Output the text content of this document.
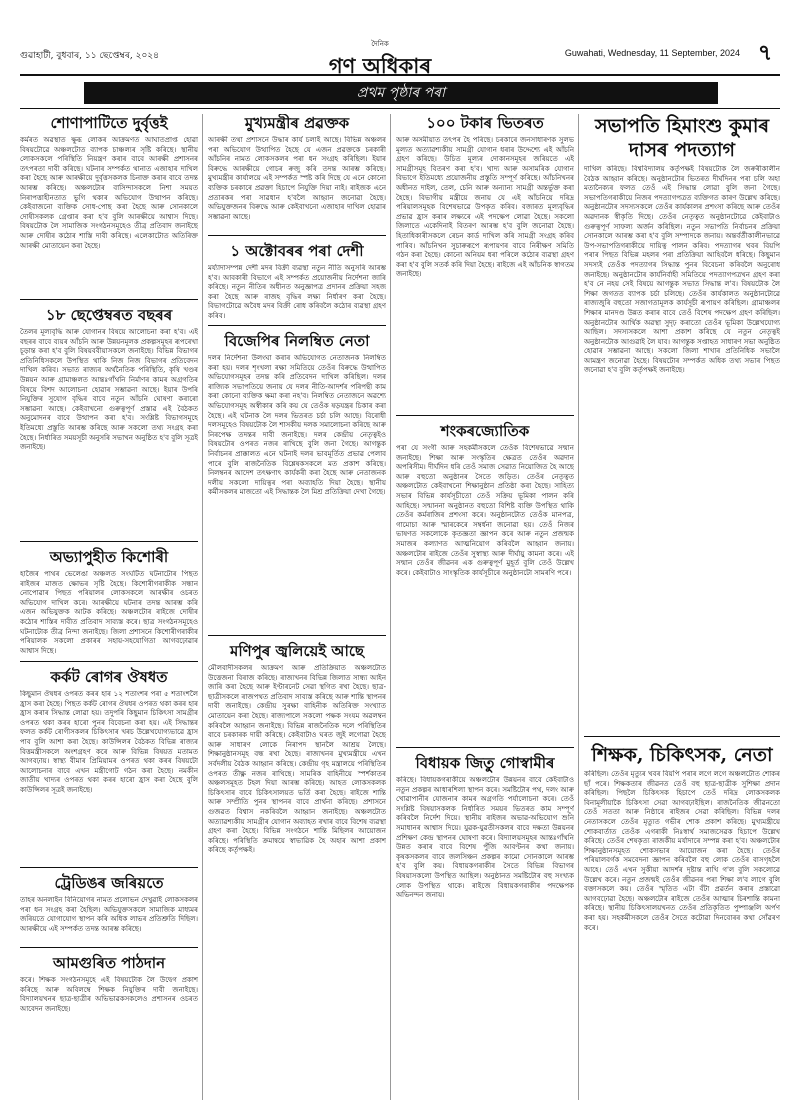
গুৱাহাটী, বুধবাৰ, ১১ ছেপ্তেম্বৰ, ২০২৪
দৈনিক
গণ অধিকাৰ	Guwahati, Wednesday, 11 September, 2024 ৭
প্ৰথম পৃষ্ঠাৰ পৰা
শোণাপাটিতে দুৰ্বৃত্তই
কৰ্মৰত অৱস্থাত ক্ষুব্ধ লোকৰ আক্ৰমণত আঘাতপ্ৰাপ্ত হোৱা বিষয়টোৱে অঞ্চলটোত ব্যাপক চাঞ্চল্যৰ সৃষ্টি কৰিছে। স্থানীয় লোকসকলে পৰিস্থিতি নিয়ন্ত্ৰণ কৰাৰ বাবে আৰক্ষী প্ৰশাসনৰ তৎপৰতা দাবী কৰিছে। ঘটনাৰ সম্পৰ্কত থানাত এজাহাৰ দাখিল কৰা হৈছে আৰু আৰক্ষীয়ে দুৰ্বৃত্তসকলক চিনাক্ত কৰাৰ বাবে তদন্ত আৰম্ভ কৰিছে। অঞ্চলটোৰ বাসিন্দাসকলে নিশা সময়ত নিৰাপত্তাহীনতাত ভুগি থকাৰ অভিযোগ উত্থাপন কৰিছে। কেইবাজনো ব্যক্তিক সোধ-পোছ কৰা হৈছে আৰু সোনকালে দোষীসকলক গ্ৰেপ্তাৰ কৰা হ'ব বুলি আৰক্ষীয়ে আশ্বাস দিছে। বিষয়টোক লৈ সামাজিক সংগঠনসমূহেও তীব্ৰ প্ৰতিবাদ জনাইছে আৰু দোষীৰ কঠোৰ শাস্তি দাবী কৰিছে। এলেকাটোত অতিৰিক্ত আৰক্ষী মোতায়েন কৰা হৈছে।
১৮ ছেপ্তেম্বৰত বছৰৰ
তৈলৰ মূল্যবৃদ্ধি আৰু যোগানৰ বিষয়ে আলোচনা কৰা হ'ব। এই বছৰৰ বাবে ব্যয়ৰ আঁচনি আৰু উন্নয়নমূলক প্ৰকল্পসমূহৰ ৰূপৰেখা চূড়ান্ত কৰা হ'ব বুলি বিষয়ববীয়াসকলে জনাইছে। বিভিন্ন বিভাগৰ প্ৰতিনিধিসকলে উপস্থিত থাকি নিজ নিজ বিভাগৰ প্ৰতিবেদন দাখিল কৰিব। সভাত ৰাজ্যৰ অৰ্থনৈতিক পৰিস্থিতি, কৃষি খণ্ডৰ উন্নয়ন আৰু গ্ৰামাঞ্চলত আন্তঃগাঁথনি নিৰ্মাণৰ কামৰ অগ্ৰগতিৰ বিষয়ে বিশদ আলোচনা হোৱাৰ সম্ভাৱনা আছে। ইয়াৰ উপৰি নিযুক্তিৰ সুযোগ বৃদ্ধিৰ বাবে নতুন আঁচনি ঘোষণা কৰাৰো সম্ভাৱনা আছে। কেইবাখনো গুৰুত্বপূৰ্ণ প্ৰস্তাৱ এই বৈঠকত অনুমোদনৰ বাবে উত্থাপন কৰা হ'ব। সংশ্লিষ্ট বিভাগসমূহে ইতিমধ্যে প্ৰস্তুতি আৰম্ভ কৰিছে আৰু সকলো তথ্য সংগ্ৰহ কৰা হৈছে। নিৰ্ধাৰিত সময়সূচী অনুসৰি সভাখন অনুষ্ঠিত হ'ব বুলি সূত্ৰই জনাইছে।
অভ্যাপুহীত কিশোৰী
হাজৈৰ পাথৰ ভেলেঙা অঞ্চলত সংঘটিত ঘটনাটোৰ পিছত ৰাইজৰ মাজত ক্ষোভৰ সৃষ্টি হৈছে। কিশোৰীগৰাকীক সন্ধান নোপোৱাৰ পিছত পৰিয়ালৰ লোকসকলে আৰক্ষীৰ ওচৰত অভিযোগ দাখিল কৰে। আৰক্ষীয়ে ঘটনাৰ তদন্ত আৰম্ভ কৰি এজন অভিযুক্তক আটক কৰিছে। অঞ্চলটোৰ ৰাইজে দোষীৰ কঠোৰ শাস্তিৰ দাবীত প্ৰতিবাদ সাব্যস্ত কৰে। ছাত্ৰ সংগঠনসমূহেও ঘটনাটোক তীব্ৰ নিন্দা জনাইছে। জিলা প্ৰশাসনে কিশোৰীগৰাকীৰ পৰিয়ালক সকলো প্ৰকাৰৰ সহায়-সহযোগিতা আগবঢ়োৱাৰ আশ্বাস দিছে।
কৰ্কট ৰোগৰ ঔষধত
কিছুমান ঔষধৰ ওপৰত কৰৰ হাৰ ১২ শতাংশৰ পৰা ৫ শতাংশলৈ হ্ৰাস কৰা হৈছে। পিছত কৰ্কট ৰোগৰ ঔষধৰ ওপৰত থকা কৰৰ হাৰ হ্ৰাস কৰাৰ সিদ্ধান্ত লোৱা হয়। তদুপৰি কিছুমান চিকিৎসা সামগ্ৰীৰ ওপৰত থকা কৰৰ হাৰো পুনৰ বিবেচনা কৰা হয়। এই সিদ্ধান্তৰ ফলত কৰ্কট ৰোগীসকলৰ চিকিৎসাৰ খৰচ উল্লেখযোগ্যভাৱে হ্ৰাস পাব বুলি আশা কৰা হৈছে। কাউন্সিলৰ বৈঠকত বিভিন্ন ৰাজ্যৰ বিত্তমন্ত্ৰীসকলে অংশগ্ৰহণ কৰে আৰু বিভিন্ন বিষয়ত মতামত আগবঢ়ায়। স্বাস্থ্য বীমাৰ প্ৰিমিয়ামৰ ওপৰত থকা কৰৰ বিষয়টো আলোচনাৰ বাবে এখন মন্ত্ৰীগোট গঠন কৰা হৈছে। নমকীন জাতীয় খাদ্যৰ ওপৰত থকা কৰৰ হাৰো হ্ৰাস কৰা হৈছে বুলি কাউন্সিলৰ সূত্ৰই জনাইছে।
ট্ৰেডিঙৰ জৰিয়তে
তাহৰ অনলাইন বিনিয়োগৰ নামত প্ৰলোভন দেখুৱাই লোকসকলৰ পৰা ধন সংগ্ৰহ কৰা হৈছিল। অভিযুক্তসকলে সামাজিক মাধ্যমৰ জৰিয়তে যোগাযোগ স্থাপন কৰি অধিক লাভৰ প্ৰতিশ্ৰুতি দিছিল। আৰক্ষীয়ে এই সম্পৰ্কত তদন্ত আৰম্ভ কৰিছে।
আমগুৰিত পাঠদান
কৰে। শিক্ষক সংগঠনসমূহে এই বিষয়টোক লৈ উদ্বেগ প্ৰকাশ কৰিছে আৰু অবিলম্বে শিক্ষক নিযুক্তিৰ দাবী জনাইছে। বিদ্যালয়খনৰ ছাত্ৰ-ছাত্ৰীৰ অভিভাৱকসকলেও প্ৰশাসনৰ ওচৰত আবেদন জনাইছে।
মুখ্যমন্ত্ৰীৰ প্ৰৱক্তক
আৰক্ষী তথা প্ৰশাসনে উদ্ধাৰ কাৰ্য চলাই আছে। বিভিন্ন অঞ্চলৰ পৰা অভিযোগ উত্থাপিত হৈছে যে এজন প্ৰৱক্তকে চৰকাৰী আঁচনিৰ নামত লোকসকলৰ পৰা ধন সংগ্ৰহ কৰিছিল। ইয়াৰ বিৰুদ্ধে আৰক্ষীয়ে গোচৰ ৰুজু কৰি তদন্ত আৰম্ভ কৰিছে। মুখ্যমন্ত্ৰীৰ কাৰ্যালয়ে এই সম্পৰ্কত স্পষ্ট কৰি দিছে যে এনে কোনো ব্যক্তিক চৰকাৰে প্ৰৱক্তা হিচাপে নিযুক্তি দিয়া নাই। ৰাইজক এনে প্ৰতাৰকৰ পৰা সাৱধান হ'বলৈ আহ্বান জনোৱা হৈছে। অভিযুক্তজনৰ বিৰুদ্ধে আৰু কেইবাখনো এজাহাৰ দাখিল হোৱাৰ সম্ভাৱনা আছে।
১ অক্টোবৰৰ পৰা দেশী
মৰ্য্যাদাসম্পন্ন দেশী মদৰ বিক্ৰী ব্যৱস্থা নতুন নীতি অনুসৰি আৰম্ভ হ'ব। আবকাৰী বিভাগে এই সম্পৰ্কত প্ৰয়োজনীয় নিৰ্দেশনা জাৰি কৰিছে। নতুন নীতিৰ অধীনত অনুজ্ঞাপত্ৰ প্ৰদানৰ প্ৰক্ৰিয়া সহজ কৰা হৈছে আৰু ৰাজহ বৃদ্ধিৰ লক্ষ্য নিৰ্ধাৰণ কৰা হৈছে। বিভাগটোৱে অবৈধ মদৰ বিক্ৰী ৰোধ কৰিবলৈ কঠোৰ ব্যৱস্থা গ্ৰহণ কৰিব।
বিজেপিৰ নিলম্বিত নেতা
দলৰ নিৰ্দেশনা উলংঘা কৰাৰ অভিযোগত নেতাজনক নিলম্বিত কৰা হয়। দলৰ শৃংখলা ৰক্ষা সমিতিয়ে তেওঁৰ বিৰুদ্ধে উত্থাপিত অভিযোগসমূহৰ তদন্ত কৰি প্ৰতিবেদন দাখিল কৰিছিল। দলৰ ৰাজ্যিক সভাপতিয়ে জনায় যে দলৰ নীতি-আদৰ্শৰ পৰিপন্থী কাম কৰা কোনো ব্যক্তিক ক্ষমা কৰা নহ'ব। নিলম্বিত নেতাজনে অৱশ্যে অভিযোগসমূহ অস্বীকাৰ কৰি কয় যে তেওঁক ষড়যন্ত্ৰৰ চিকাৰ কৰা হৈছে। এই ঘটনাক লৈ দলৰ ভিতৰত চৰ্চা চলি আছে। বিৰোধী দলসমূহেও বিষয়টোক লৈ শাসকীয় দলক সমালোচনা কৰিছে আৰু নিৰপেক্ষ তদন্তৰ দাবী জনাইছে। দলৰ কেন্দ্ৰীয় নেতৃত্বইও বিষয়টোৰ ওপৰত নজৰ ৰাখিছে বুলি জনা গৈছে। আগন্তুক নিৰ্বাচনৰ প্ৰাক্কালত এনে ঘটনাই দলৰ ভাবমূৰ্তিত প্ৰভাৱ পেলাব পাৰে বুলি ৰাজনৈতিক বিশ্লেষকসকলে মত প্ৰকাশ কৰিছে। নিলম্বনৰ আদেশ তৎক্ষণাৎ কাৰ্যকৰী কৰা হৈছে আৰু নেতাজনক দলীয় সকলো দায়িত্বৰ পৰা অব্যাহতি দিয়া হৈছে। স্থানীয় কৰ্মীসকলৰ মাজতো এই সিদ্ধান্তক লৈ মিশ্ৰ প্ৰতিক্ৰিয়া দেখা গৈছে।
মণিপুৰ জ্বলিয়েই আছে
মৌলবাদীসকলৰ আক্ৰমণ আৰু প্ৰতিক্ৰিয়াত অঞ্চলটোত উত্তেজনা বিৰাজ কৰিছে। ৰাজ্যখনৰ বিভিন্ন জিলাত সান্ধ্য আইন জাৰি কৰা হৈছে আৰু ইণ্টাৰনেট সেৱা স্থগিত ৰখা হৈছে। ছাত্ৰ-ছাত্ৰীসকলে ৰাজপথত প্ৰতিবাদ সাব্যস্ত কৰিছে আৰু শান্তি স্থাপনৰ দাবী জনাইছে। কেন্দ্ৰীয় সুৰক্ষা বাহিনীক অতিৰিক্ত সংখ্যাত মোতায়েন কৰা হৈছে। ৰাজ্যপালে সকলো পক্ষক সংযম অৱলম্বন কৰিবলৈ আহ্বান জনাইছে। বিভিন্ন ৰাজনৈতিক দলে পৰিস্থিতিৰ বাবে চৰকাৰক দায়ী কৰিছে। কেইবাটাও ঘৰত জুই লগোৱা হৈছে আৰু সাধাৰণ লোকে নিৰাপদ স্থানলৈ আশ্ৰয় লৈছে। শিক্ষানুষ্ঠানসমূহ বন্ধ ৰখা হৈছে। ৰাজ্যখনৰ মুখ্যমন্ত্ৰীয়ে এখন সৰ্বদলীয় বৈঠক আহ্বান কৰিছে। কেন্দ্ৰীয় গৃহ মন্ত্ৰালয়ে পৰিস্থিতিৰ ওপৰত তীক্ষ্ণ নজৰ ৰাখিছে। সামৰিক বাহিনীয়ে স্পৰ্শকাতৰ অঞ্চলসমূহত টহল দিয়া আৰম্ভ কৰিছে। আহত লোকসকলক চিকিৎসাৰ বাবে চিকিৎসালয়ত ভৰ্তি কৰা হৈছে। ৰাইজে শান্তি আৰু সম্প্ৰীতি পুনৰ স্থাপনৰ বাবে প্ৰাৰ্থনা কৰিছে। প্ৰশাসনে গুজৱত বিশ্বাস নকৰিবলৈ আহ্বান জনাইছে। অঞ্চলটোত অত্যাৱশ্যকীয় সামগ্ৰীৰ যোগান অব্যাহত ৰখাৰ বাবে বিশেষ ব্যৱস্থা গ্ৰহণ কৰা হৈছে। বিভিন্ন সংগঠনে শান্তি মিছিলৰ আয়োজন কৰিছে। পৰিস্থিতি ক্ৰমান্বয়ে স্বাভাৱিক হৈ অহাৰ আশা প্ৰকাশ কৰিছে কৰ্তৃপক্ষই।
১০০ টকাৰ ভিতৰত
আৰু অসমীয়াত তৎপৰ হৈ পৰিছে। চৰকাৰে জনসাধাৰণক সুলভ মূল্যত অত্যাৱশ্যকীয় সামগ্ৰী যোগান ধৰাৰ উদ্দেশ্যে এই আঁচনি গ্ৰহণ কৰিছে। উচিত মূল্যৰ দোকানসমূহৰ জৰিয়তে এই সামগ্ৰীসমূহ বিতৰণ কৰা হ'ব। খাদ্য আৰু অসামৰিক যোগান বিভাগে ইতিমধ্যে প্ৰয়োজনীয় প্ৰস্তুতি সম্পূৰ্ণ কৰিছে। আঁচনিখনৰ অধীনত দাইল, তেল, চেনি আৰু অন্যান্য সামগ্ৰী অন্তৰ্ভুক্ত কৰা হৈছে। বিভাগীয় মন্ত্ৰীয়ে জনায় যে এই আঁচনিয়ে দৰিদ্ৰ পৰিয়ালসমূহক বিশেষভাৱে উপকৃত কৰিব। বজাৰত মূল্যবৃদ্ধিৰ প্ৰভাৱ হ্ৰাস কৰাৰ লক্ষ্যৰে এই পদক্ষেপ লোৱা হৈছে। সকলো জিলাতে একেদিনাই বিতৰণ আৰম্ভ হ'ব বুলি জনোৱা হৈছে। হিতাধিকাৰীসকলে ৰেচন কাৰ্ড দাখিল কৰি সামগ্ৰী সংগ্ৰহ কৰিব পাৰিব। আঁচনিখন সুচাৰুৰূপে ৰূপায়ণৰ বাবে নিৰীক্ষণ সমিতি গঠন কৰা হৈছে। কোনো অনিয়ম ধৰা পৰিলে কঠোৰ ব্যৱস্থা গ্ৰহণ কৰা হ'ব বুলি সতৰ্ক কৰি দিয়া হৈছে। ৰাইজে এই আঁচনিক স্বাগতম জনাইছে।
শংকৰজ্যোতিক
পৰা যে সংগী আৰু সহকৰ্মীসকলে তেওঁক বিশেষভাৱে সন্মান জনাইছে। শিক্ষা আৰু সংস্কৃতিৰ ক্ষেত্ৰত তেওঁৰ অৱদান অপৰিসীম। দীৰ্ঘদিন ধৰি তেওঁ সমাজ সেৱাত নিয়োজিত হৈ আছে আৰু বহুতো অনুষ্ঠানৰ সৈতে জড়িত। তেওঁৰ নেতৃত্বত অঞ্চলটোত কেইবাখনো শিক্ষানুষ্ঠান প্ৰতিষ্ঠা কৰা হৈছে। সাহিত্য সভাৰ বিভিন্ন কাৰ্যসূচীতো তেওঁ সক্ৰিয় ভূমিকা পালন কৰি আহিছে। সন্মাননা অনুষ্ঠানত বহুতো বিশিষ্ট ব্যক্তি উপস্থিত থাকি তেওঁৰ কৰ্মৰাজিৰ প্ৰশংসা কৰে। অনুষ্ঠানটোত তেওঁক মানপত্ৰ, গামোচা আৰু স্মাৰকেৰে সম্বৰ্ধনা জনোৱা হয়। তেওঁ নিজৰ ভাষণত সকলোকে কৃতজ্ঞতা জ্ঞাপন কৰে আৰু নতুন প্ৰজন্মক সমাজৰ কল্যাণত আত্মনিয়োগ কৰিবলৈ আহ্বান জনায়। অঞ্চলটোৰ ৰাইজে তেওঁৰ সুস্বাস্থ্য আৰু দীৰ্ঘায়ু কামনা কৰে। এই সন্মান তেওঁৰ জীৱনৰ এক গুৰুত্বপূৰ্ণ মুহূৰ্ত বুলি তেওঁ উল্লেখ কৰে। কেইবাটাও সাংস্কৃতিক কাৰ্যসূচীৰে অনুষ্ঠানটো সামৰণি পৰে।
বিধায়ক জিতু গোস্বামীৰ
কৰিছে। বিধায়কগৰাকীয়ে অঞ্চলটোৰ উন্নয়নৰ বাবে কেইবাটাও নতুন প্ৰকল্পৰ আধাৰশিলা স্থাপন কৰে। সমষ্টিটোৰ পথ, দলং আৰু খোৱাপানীৰ যোজনাৰ কামৰ অগ্ৰগতি পৰ্যালোচনা কৰে। তেওঁ সংশ্লিষ্ট বিষয়াসকলক নিৰ্ধাৰিত সময়ৰ ভিতৰত কাম সম্পূৰ্ণ কৰিবলৈ নিৰ্দেশ দিয়ে। স্থানীয় ৰাইজৰ অভাৱ-অভিযোগ শুনি সমাধানৰ আশ্বাস দিয়ে। যুৱক-যুৱতীসকলৰ বাবে দক্ষতা উন্নয়নৰ প্ৰশিক্ষণ কেন্দ্ৰ স্থাপনৰ ঘোষণা কৰে। বিদ্যালয়সমূহৰ আন্তঃগাঁথনি উন্নত কৰাৰ বাবে বিশেষ পুঁজি আবণ্টনৰ কথা জনায়। কৃষকসকলৰ বাবে জলসিঞ্চন প্ৰকল্পৰ কামো সোনকালে আৰম্ভ হ'ব বুলি কয়। বিধায়কগৰাকীৰ সৈতে বিভিন্ন বিভাগৰ বিষয়াসকলো উপস্থিত আছিল। অনুষ্ঠানত সমষ্টিটোৰ বহু সংখ্যক লোক উপস্থিত থাকে। ৰাইজে বিধায়কগৰাকীৰ পদক্ষেপক অভিনন্দন জনায়।
সভাপতি হিমাংশু কুমাৰ দাসৰ পদত্যাগ
দাখিল কৰিছে। বিশ্ববিদ্যালয় কৰ্তৃপক্ষই বিষয়টোক লৈ জৰুৰীকালীন বৈঠক আহ্বান কৰিছে। অনুষ্ঠানটোৰ ভিতৰত দীৰ্ঘদিনৰ পৰা চলি অহা মতানৈক্যৰ ফলত তেওঁ এই সিদ্ধান্ত লোৱা বুলি জনা গৈছে। সভাপতিগৰাকীয়ে নিজৰ পদত্যাগপত্ৰত ব্যক্তিগত কাৰণ উল্লেখ কৰিছে। অনুষ্ঠানটোৰ সদস্যসকলে তেওঁৰ কাৰ্যকালৰ প্ৰশংসা কৰিছে আৰু তেওঁৰ অৱদানক স্বীকৃতি দিছে। তেওঁৰ নেতৃত্বত অনুষ্ঠানটোৱে কেইবাটাও গুৰুত্বপূৰ্ণ সাফল্য অৰ্জন কৰিছিল। নতুন সভাপতি নিৰ্বাচনৰ প্ৰক্ৰিয়া সোনকালে আৰম্ভ কৰা হ'ব বুলি সম্পাদকে জনায়। অন্তৰ্বৰ্তীকালীনভাৱে উপ-সভাপতিগৰাকীয়ে দায়িত্ব পালন কৰিব। পদত্যাগৰ খবৰ বিয়পি পৰাৰ পিছত বিভিন্ন মহলৰ পৰা প্ৰতিক্ৰিয়া আহিবলৈ ধৰিছে। কিছুমান সদস্যই তেওঁক পদত্যাগৰ সিদ্ধান্ত পুনৰ বিবেচনা কৰিবলৈ অনুৰোধ জনাইছে। অনুষ্ঠানটোৰ কাৰ্যনিৰ্বাহী সমিতিয়ে পদত্যাগপত্ৰখন গ্ৰহণ কৰা হ'ব নে নহয় সেই বিষয়ে আগন্তুক সভাত সিদ্ধান্ত ল'ব। বিষয়টোক লৈ শিক্ষা জগতত ব্যাপক চৰ্চা চলিছে। তেওঁৰ কাৰ্যকালত অনুষ্ঠানটোৱে ৰাজ্যজুৰি বহুতো সজাগতামূলক কাৰ্যসূচী ৰূপায়ণ কৰিছিল। গ্ৰামাঞ্চলৰ শিক্ষাৰ মানদণ্ড উন্নত কৰাৰ বাবে তেওঁ বিশেষ পদক্ষেপ গ্ৰহণ কৰিছিল। অনুষ্ঠানটোৰ আৰ্থিক অৱস্থা সুদৃঢ় কৰাতো তেওঁৰ ভূমিকা উল্লেখযোগ্য আছিল। সদস্যসকলে আশা প্ৰকাশ কৰিছে যে নতুন নেতৃত্বই অনুষ্ঠানটোক আগুৱাই লৈ যাব। আগন্তুক সপ্তাহত সাধাৰণ সভা অনুষ্ঠিত হোৱাৰ সম্ভাৱনা আছে। সকলো জিলা শাখাৰ প্ৰতিনিধিক সভালৈ আমন্ত্ৰণ জনোৱা হৈছে। বিষয়টোৰ সম্পৰ্কত অধিক তথ্য সভাৰ পিছত জনোৱা হ'ব বুলি কৰ্তৃপক্ষই জনাইছে।
শিক্ষক, চিকিৎসক, নেতা
কৰিছিল। তেওঁৰ মৃত্যুৰ খবৰ বিয়পি পৰাৰ লগে লগে অঞ্চলটোত শোকৰ ছাঁ পৰে। শিক্ষকতাৰ জীৱনত তেওঁ বহু ছাত্ৰ-ছাত্ৰীক সুশিক্ষা প্ৰদান কৰিছিল। পিছলৈ চিকিৎসক হিচাপে তেওঁ দৰিদ্ৰ লোকসকলক বিনামূলীয়াকৈ চিকিৎসা সেৱা আগবঢ়াইছিল। ৰাজনৈতিক জীৱনতো তেওঁ সততা আৰু নিষ্ঠাৰে ৰাইজৰ সেৱা কৰিছিল। বিভিন্ন দলৰ নেতাসকলে তেওঁৰ মৃত্যুত গভীৰ শোক প্ৰকাশ কৰিছে। মুখ্যমন্ত্ৰীয়ে শোকবাৰ্তাত তেওঁক এগৰাকী নিঃস্বাৰ্থ সমাজসেৱক হিচাপে উল্লেখ কৰিছে। তেওঁৰ শেষকৃত্য ৰাজকীয় মৰ্যাদাৰে সম্পন্ন কৰা হ'ব। অঞ্চলটোৰ শিক্ষানুষ্ঠানসমূহত শোকসভাৰ আয়োজন কৰা হৈছে। তেওঁৰ পৰিয়ালবৰ্গক সমবেদনা জ্ঞাপন কৰিবলৈ বহু লোক তেওঁৰ বাসগৃহলৈ আহে। তেওঁ এখন সুকীয়া আদৰ্শৰ দৃষ্টান্ত ৰাখি গ'ল বুলি সকলোৱে উল্লেখ কৰে। নতুন প্ৰজন্মই তেওঁৰ জীৱনৰ পৰা শিক্ষা ল'ব লাগে বুলি বক্তাসকলে কয়। তেওঁৰ স্মৃতিত এটা বঁটা প্ৰৱৰ্তন কৰাৰ প্ৰস্তাৱো আগবঢ়োৱা হৈছে। অঞ্চলটোৰ ৰাইজে তেওঁৰ আত্মাৰ চিৰশান্তি কামনা কৰিছে। স্থানীয় চিকিৎসালয়খনত তেওঁৰ প্ৰতিকৃতিত পুষ্পাঞ্জলি অৰ্পণ কৰা হয়। সহকৰ্মীসকলে তেওঁৰ সৈতে কটোৱা দিনবোৰৰ কথা সোঁৱৰণ কৰে।
